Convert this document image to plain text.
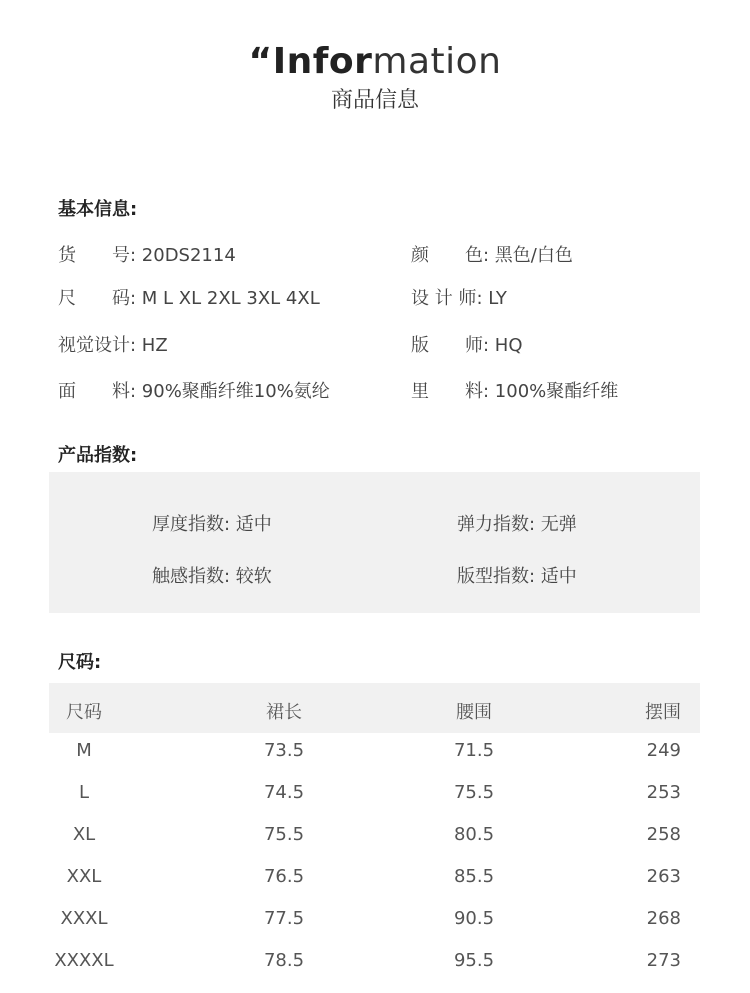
“Information
商品信息
基本信息:
货　　号: 20DS2114	颜　　色: 黑色/白色
尺　　码: M L XL 2XL 3XL 4XL	设 计 师: LY
视觉设计: HZ	版　　师: HQ
面　　料: 90%聚酯纤维10%氨纶	里　　料: 100%聚酯纤维
产品指数:
厚度指数: 适中	弹力指数: 无弹
触感指数: 较软	版型指数: 适中
尺码:
尺码	裙长	腰围	摆围
M	73.5	71.5	249
L	74.5	75.5	253
XL	75.5	80.5	258
XXL	76.5	85.5	263
XXXL	77.5	90.5	268
XXXXL	78.5	95.5	273
